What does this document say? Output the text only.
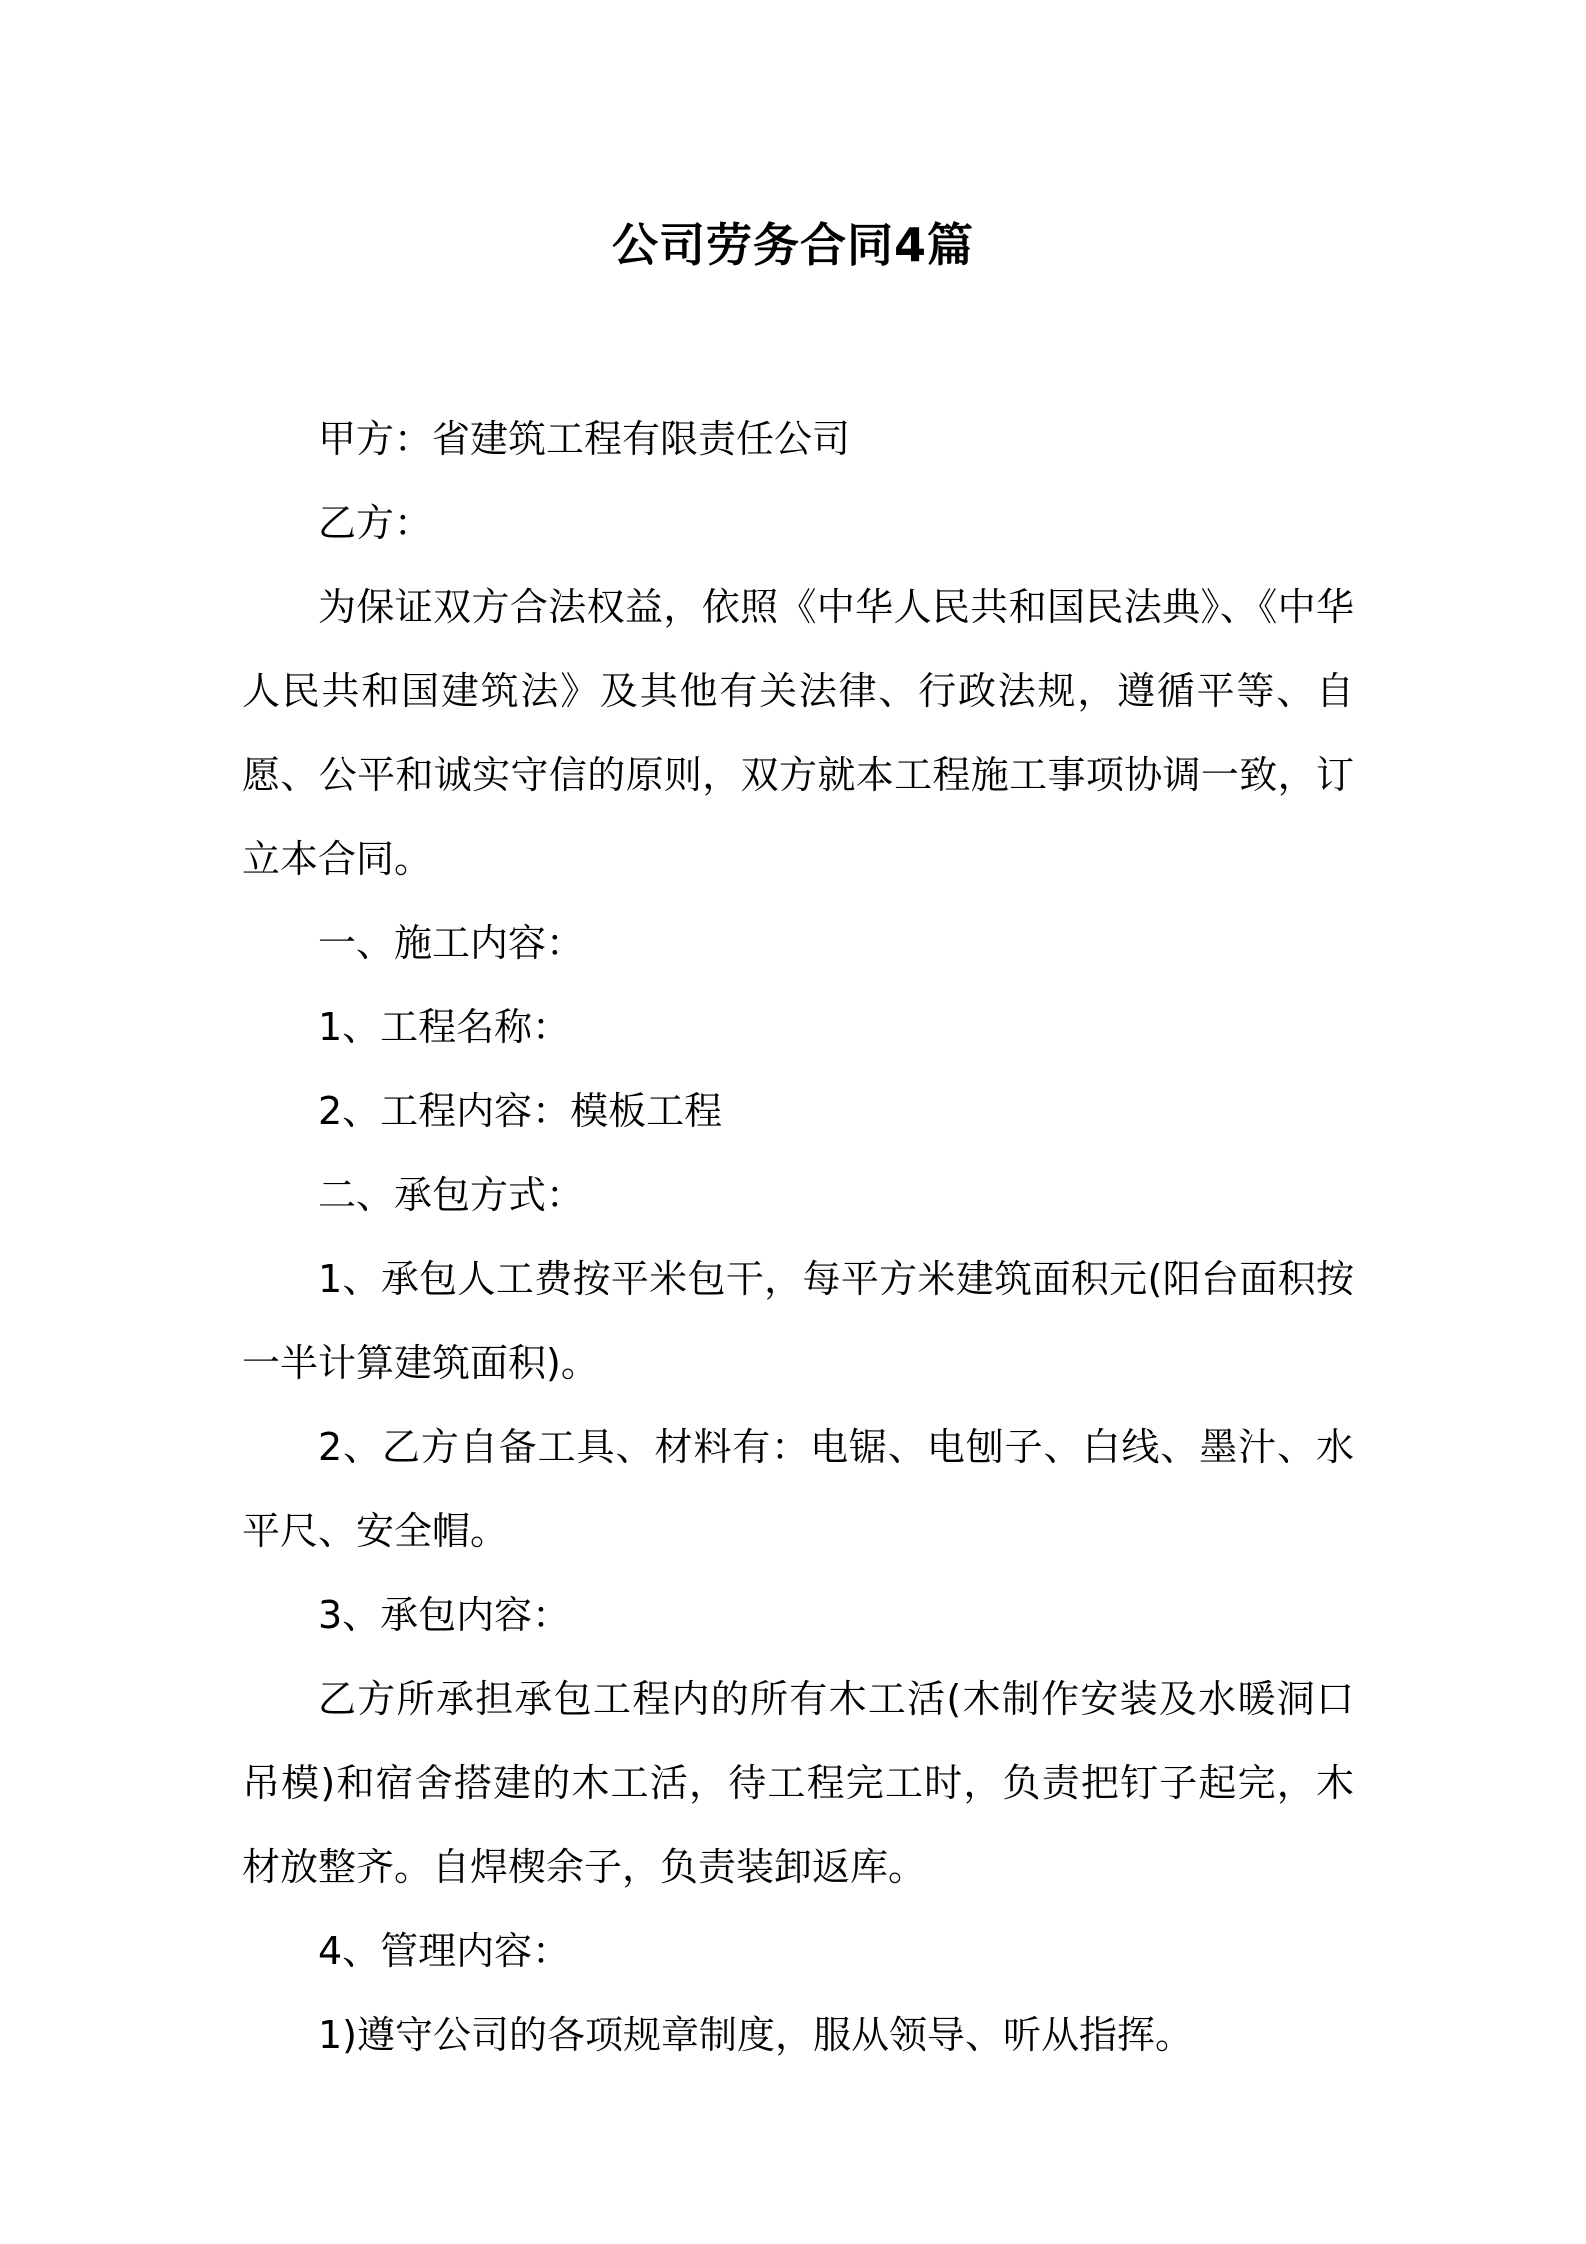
公司劳务合同4篇

甲方：省建筑工程有限责任公司

乙方：

为保证双方合法权益，依照《中华人民共和国民法典》、《中华人民共和国建筑法》及其他有关法律、行政法规，遵循平等、自愿、公平和诚实守信的原则，双方就本工程施工事项协调一致，订立本合同。

一、施工内容：

1、工程名称：

2、工程内容：模板工程

二、承包方式：

1、承包人工费按平米包干，每平方米建筑面积元(阳台面积按一半计算建筑面积)。

2、乙方自备工具、材料有：电锯、电刨子、白线、墨汁、水平尺、安全帽。

3、承包内容：

乙方所承担承包工程内的所有木工活(木制作安装及水暖洞口吊模)和宿舍搭建的木工活，待工程完工时，负责把钉子起完，木材放整齐。自焊楔余子，负责装卸返库。

4、管理内容：

1)遵守公司的各项规章制度，服从领导、听从指挥。
